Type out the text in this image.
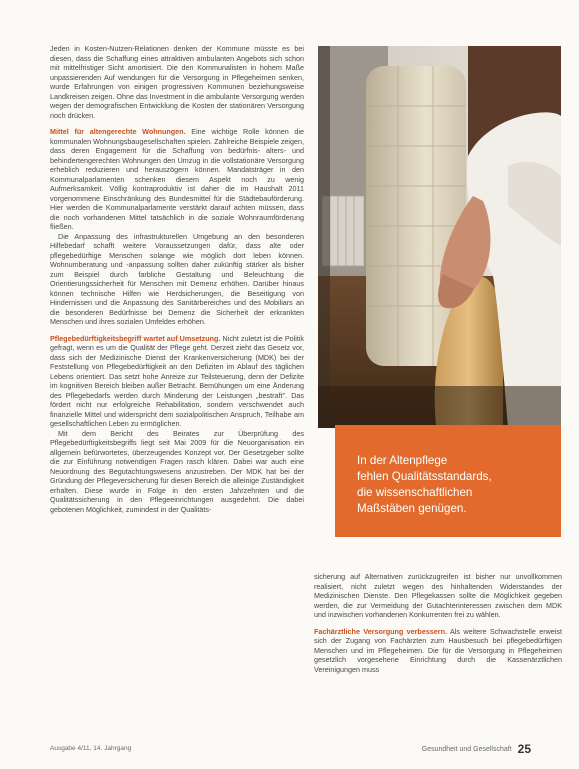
Jeden in Kosten-Nutzen-Relationen denken der Kommune müsste es bei diesen, dass die Schaffung eines attraktiven ambulanten Angebots sich schon mit mittelfristiger Sicht amortisiert. Die den Kommunalisten in hohem Maße unpassierenden Auf wendungen für die Versorgung in Pflegeheimen senken, wurde Erfahrungen von einigen progressiven Kommunen beziehungsweise Landkreisen zeigen. Ohne das Investment in die ambulante Versorgung werden wegen der demografischen Entwicklung die Kosten der stationären Versorgung noch drücken.

Mittel für altengerechte Wohnungen. Eine wichtige Rolle können die kommunalen Wohnungsbaugesellschaften spielen. Zahlreiche Beispiele zeigen, dass deren Engagement für die Schaffung von bedürfnis- alters- und behindertengerechten Wohnungen den Umzug in die vollstationäre Versorgung erheblich reduzieren und herauszögern können. Mandatsträger in den Kommunalparlamenten schenken diesem Aspekt noch zu wenig Aufmerksamkeit. Völlig kontraproduktiv ist daher die im Haushalt 2011 vorgenommene Einschränkung des Bundesmittel für die Städtebauförderung. Hier werden die Kommunalparlamente verstärkt darauf achten müssen, dass die noch vorhandenen Mittel tatsächlich in die soziale Wohnraumförderung fließen.

Die Anpassung des infrastrukturellen Umgebung an den besonderen Hilfebedarf schafft weitere Voraussetzungen dafür, dass alte oder pflegebedürftige Menschen solange wie möglich dort leben können. Wohnumberatung und -anpassung sollten daher zukünftig stärker als bisher zum Beispiel durch farbliche Gestaltung und Beleuchtung die Orientierungssicherheit für Menschen mit Demenz erhöhen. Darüber hinaus können technische Hilfen wie Herdsicherungen, die Beseitigung von Hindernissen und die Anpassung des Sanitärbereiches und des Mobiliars an die besonderen Bedürfnisse bei Demenz die Sicherheit der erkrankten Menschen und ihres sozialen Umfeldes erhöhen.

Pflegebedürftigkeitsbegriff wartet auf Umsetzung. Nicht zuletzt ist die Politik gefragt, wenn es um die Qualität der Pflege geht. Derzeit zieht das Gesetz vor, dass sich der Medizinische Dienst der Krankenversicherung (MDK) bei der Feststellung von Pflegebedürftigkeit an den Defiziten im Ablauf des täglichen Lebens orientiert. Das setzt hohe Anreize zur Teilsteuerung, denn der Defizite im kognitiven Bereich bleiben außer Betracht. Bemühungen um eine Änderung des Pflegebedarfs werden durch Minderung der Leistungen „bestraft". Das fördert nicht nur erfolgreiche Rehabilitation, sondern verschwendet auch finanzielle Mittel und widerspricht dem sozialpolitischen Anspruch, Teilhabe am gesellschaftlichen Leben zu ermöglichen.

Mit dem Bericht des Beirates zur Überprüfung des Pflegebedürftigkeitsbegriffs liegt seit Mai 2009 für die Neuorganisation ein allgemein befürwortetes, überzeugendes Konzept vor. Der Gesetzgeber sollte die zur Einführung notwendigen Fragen rasch klären. Dabei war auch eine Neuordnung des Begutachtungswesens anzustreben. Der MDK hat bei der Gründung der Pflegeversicherung für diesen Bereich die alleinige Zuständigkeit erhalten. Diese wurde in Folge in den ersten Jahrzehnten und die Qualitätssicherung in den Pflegeeinrichtungen ausgedehnt. Die dabei gebotenen Möglichkeit, zumindest in der Qualitäts-

In der Altenpflege
fehlen Qualitätsstandards,
die wissenschaftlichen
Maßstäben genügen.

sicherung auf Alternativen zurückzugreifen ist bisher nur unvollkommen realisiert, nicht zuletzt wegen des hinhaltenden Widerstandes der Medizinischen Dienste. Den Pflegekassen sollte die Möglichkeit gegeben werden, die zur Vermeidung der Gutachterinteressen zwischen dem MDK und inzwischen vorhandenen Konkurrenten frei zu wählen.

Fachärztliche Versorgung verbessern. Als weitere Schwachstelle erweist sich der Zugang von Fachärzten zum Hausbesuch bei pflegebedürftigen Menschen und im Pflegeheimen. Die für die Versorgung in Pflegeheimen gesetzlich vorgesehene Einrichtung durch die Kassenärztlichen Vereinigungen muss

Ausgabe 4/11, 14. Jahrgang	Gesundheit und Gesellschaft 25
